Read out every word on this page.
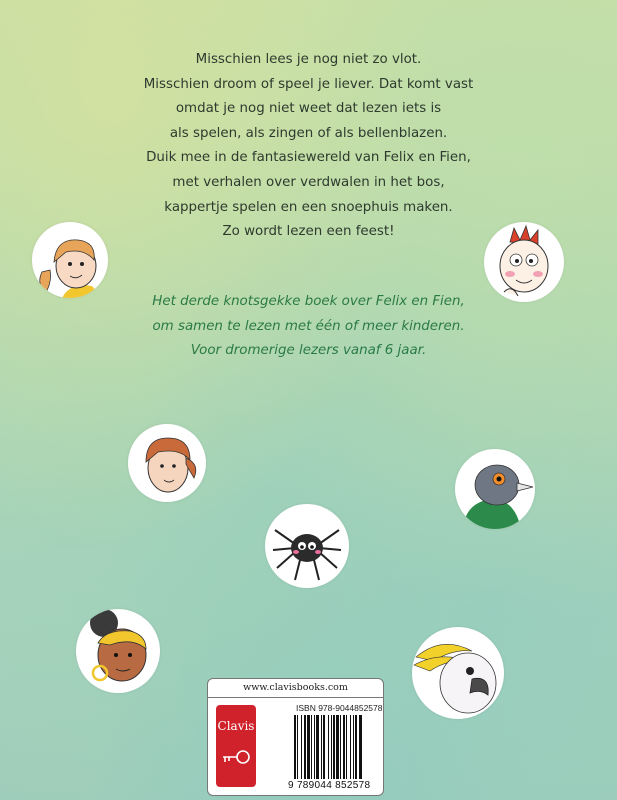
Misschien lees je nog niet zo vlot.
Misschien droom of speel je liever. Dat komt vast
omdat je nog niet weet dat lezen iets is
als spelen, als zingen of als bellenblazen.
Duik mee in de fantasiewereld van Felix en Fien,
met verhalen over verdwalen in het bos,
kappertje spelen en een snoephuis maken.
Zo wordt lezen een feest!
Het derde knotsgekke boek over Felix en Fien,
om samen te lezen met één of meer kinderen.
Voor dromerige lezers vanaf 6 jaar.
www.clavisbooks.com
Clavis
ISBN 978-9044852578
9 789044 852578
